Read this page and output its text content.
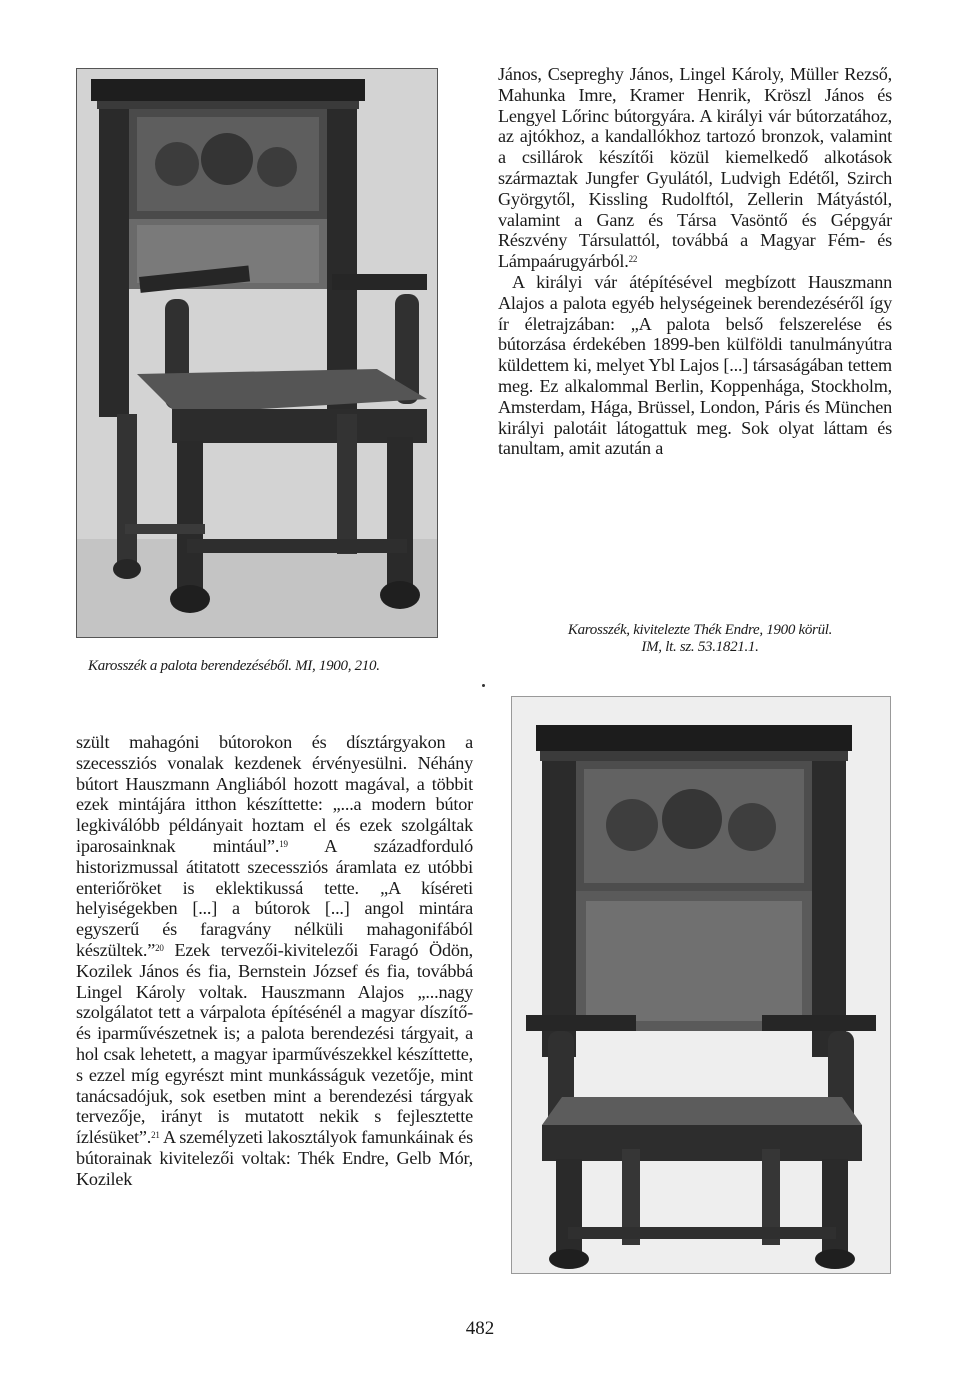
János, Csepreghy János, Lingel Károly, Müller Rezső, Mahunka Imre, Kramer Henrik, Kröszl János és Lengyel Lőrinc bútorgyára. A királyi vár bútorzatához, az ajtókhoz, a kandallókhoz tartozó bronzok, valamint a csillárok készítői közül kiemelkedő alkotások származtak Jungfer Gyulától, Ludvigh Edétől, Szirch Györgytől, Kissling Rudolftól, Zellerin Mátyástól, valamint a Ganz és Társa Vasöntő és Gépgyár Részvény Társulattól, továbbá a Magyar Fém- és Lámpaárugyárból.$^{22}$

A királyi vár átépítésével megbízott Hauszmann Alajos a palota egyéb helységeinek berendezéséről így ír életrajzában: „A palota belső felszerelése és bútorzása érdekében 1899-ben külföldi tanulmányútra küldettem ki, melyet Ybl Lajos [...] társaságában tettem meg. Ez alkalommal Berlin, Koppenhága, Stockholm, Amsterdam, Hága, Brüssel, London, Páris és München királyi palotáit látogattuk meg. Sok olyat láttam és tanultam, amit azután a

Karosszék, kivitelezte Thék Endre, 1900 körül.
IM, lt. sz. 53.1821.1.
Karosszék a palota berendezéséből. MI, 1900, 210.

szült mahagóni bútorokon és dísztárgyakon a szecessziós vonalak kezdenek érvényesülni. Néhány bútort Hauszmann Angliából hozott magával, a többit ezek mintájára itthon készíttette: „...a modern bútor legkiválóbb példányait hoztam el és ezek szolgáltak iparosainknak mintául”.$^{19}$ A századforduló historizmussal átitatott szecessziós áramlata ez utóbbi enteriőröket is eklektikussá tette. „A kíséreti helyiségekben [...] a bútorok [...] angol mintára egyszerű és faragvány nélküli mahagonifából készültek.”$^{20}$ Ezek tervezői-kivitelezői Faragó Ödön, Kozilek János és fia, Bernstein József és fia, továbbá Lingel Károly voltak. Hauszmann Alajos „...nagy szolgálatot tett a várpalota építésénél a magyar díszítő- és iparművészetnek is; a palota berendezési tárgyait, a hol csak lehetett, a magyar iparművészekkel készíttette, s ezzel míg egyrészt mint munkásságuk vezetője, mint tanácsadójuk, sok esetben mint a berendezési tárgyak tervezője, irányt is mutatott nekik s fejlesztette ízlésüket”.$^{21}$ A személyzeti lakosztályok famunkáinak és bútorainak kivitelezői voltak: Thék Endre, Gelb Mór, Kozilek

482
